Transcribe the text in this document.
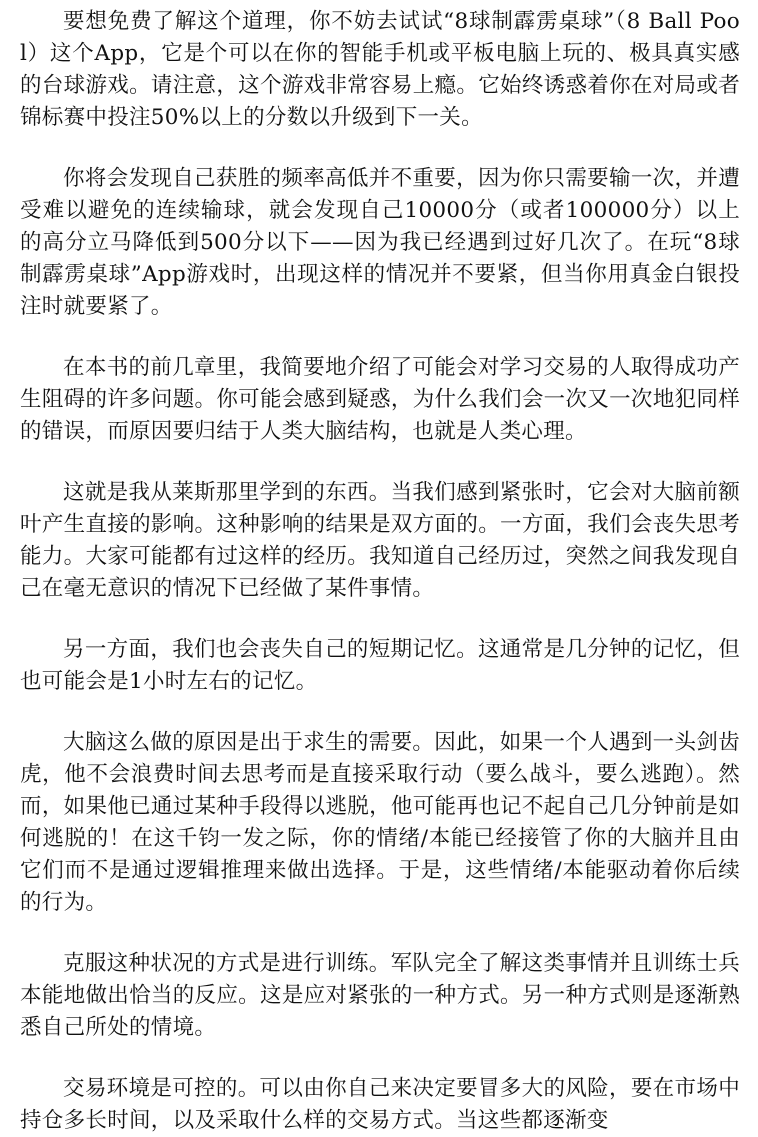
要想免费了解这个道理，你不妨去试试“8球制霹雳桌球”（8 Ball Pool）这个App，它是个可以在你的智能手机或平板电脑上玩的、极具真实感的台球游戏。请注意，这个游戏非常容易上瘾。它始终诱惑着你在对局或者锦标赛中投注50%以上的分数以升级到下一关。

你将会发现自己获胜的频率高低并不重要，因为你只需要输一次，并遭受难以避免的连续输球，就会发现自己10000分（或者100000分）以上的高分立马降低到500分以下——因为我已经遇到过好几次了。在玩“8球制霹雳桌球”App游戏时，出现这样的情况并不要紧，但当你用真金白银投注时就要紧了。

在本书的前几章里，我简要地介绍了可能会对学习交易的人取得成功产生阻碍的许多问题。你可能会感到疑惑，为什么我们会一次又一次地犯同样的错误，而原因要归结于人类大脑结构，也就是人类心理。

这就是我从莱斯那里学到的东西。当我们感到紧张时，它会对大脑前额叶产生直接的影响。这种影响的结果是双方面的。一方面，我们会丧失思考能力。大家可能都有过这样的经历。我知道自己经历过，突然之间我发现自己在毫无意识的情况下已经做了某件事情。

另一方面，我们也会丧失自己的短期记忆。这通常是几分钟的记忆，但也可能会是1小时左右的记忆。

大脑这么做的原因是出于求生的需要。因此，如果一个人遇到一头剑齿虎，他不会浪费时间去思考而是直接采取行动（要么战斗，要么逃跑）。然而，如果他已通过某种手段得以逃脱，他可能再也记不起自己几分钟前是如何逃脱的！在这千钧一发之际，你的情绪/本能已经接管了你的大脑并且由它们而不是通过逻辑推理来做出选择。于是，这些情绪/本能驱动着你后续的行为。

克服这种状况的方式是进行训练。军队完全了解这类事情并且训练士兵本能地做出恰当的反应。这是应对紧张的一种方式。另一种方式则是逐渐熟悉自己所处的情境。

交易环境是可控的。可以由你自己来决定要冒多大的风险，要在市场中持仓多长时间，以及采取什么样的交易方式。当这些都逐渐变
